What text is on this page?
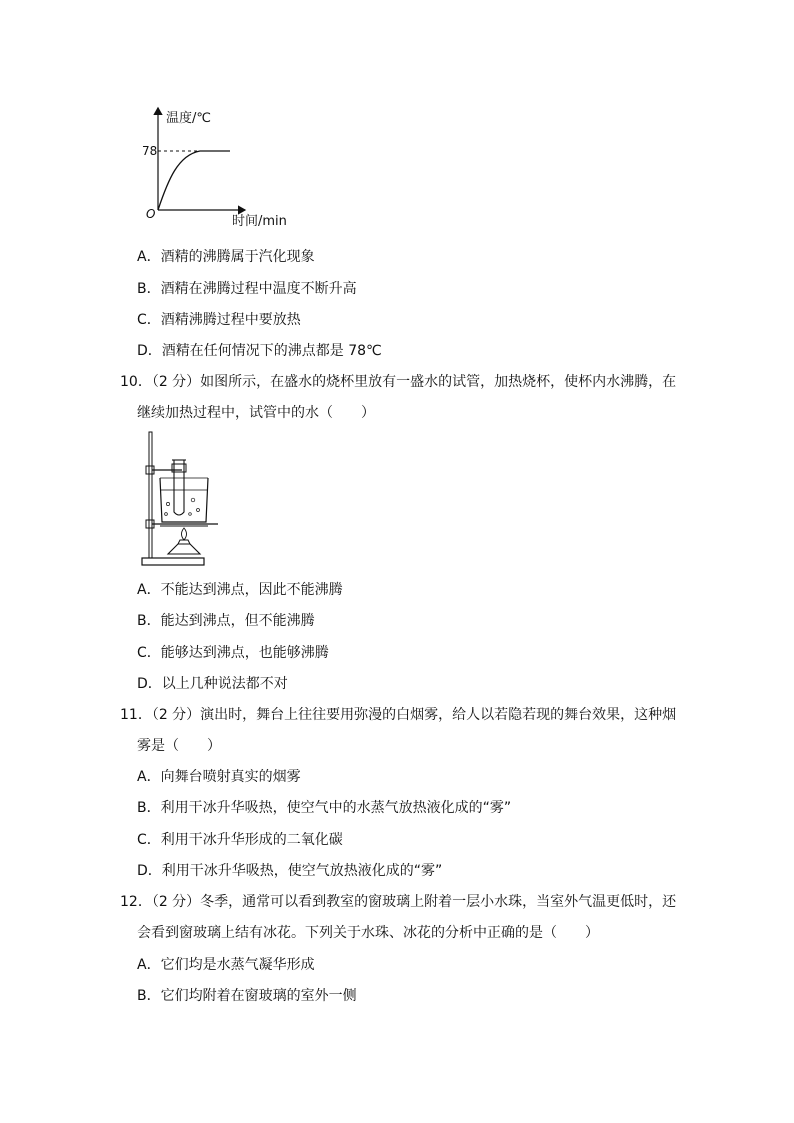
温度/℃
78
O	时间/min
A．酒精的沸腾属于汽化现象
B．酒精在沸腾过程中温度不断升高
C．酒精沸腾过程中要放热
D．酒精在任何情况下的沸点都是 78℃
10．（2 分）如图所示，在盛水的烧杯里放有一盛水的试管，加热烧杯，使杯内水沸腾，在
继续加热过程中，试管中的水（　　）
A．不能达到沸点，因此不能沸腾
B．能达到沸点，但不能沸腾
C．能够达到沸点，也能够沸腾
D．以上几种说法都不对
11．（2 分）演出时，舞台上往往要用弥漫的白烟雾，给人以若隐若现的舞台效果，这种烟
雾是（　　）
A．向舞台喷射真实的烟雾
B．利用干冰升华吸热，使空气中的水蒸气放热液化成的“雾”
C．利用干冰升华形成的二氧化碳
D．利用干冰升华吸热，使空气放热液化成的“雾”
12．（2 分）冬季，通常可以看到教室的窗玻璃上附着一层小水珠，当室外气温更低时，还
会看到窗玻璃上结有冰花。下列关于水珠、冰花的分析中正确的是（　　）
A．它们均是水蒸气凝华形成
B．它们均附着在窗玻璃的室外一侧
